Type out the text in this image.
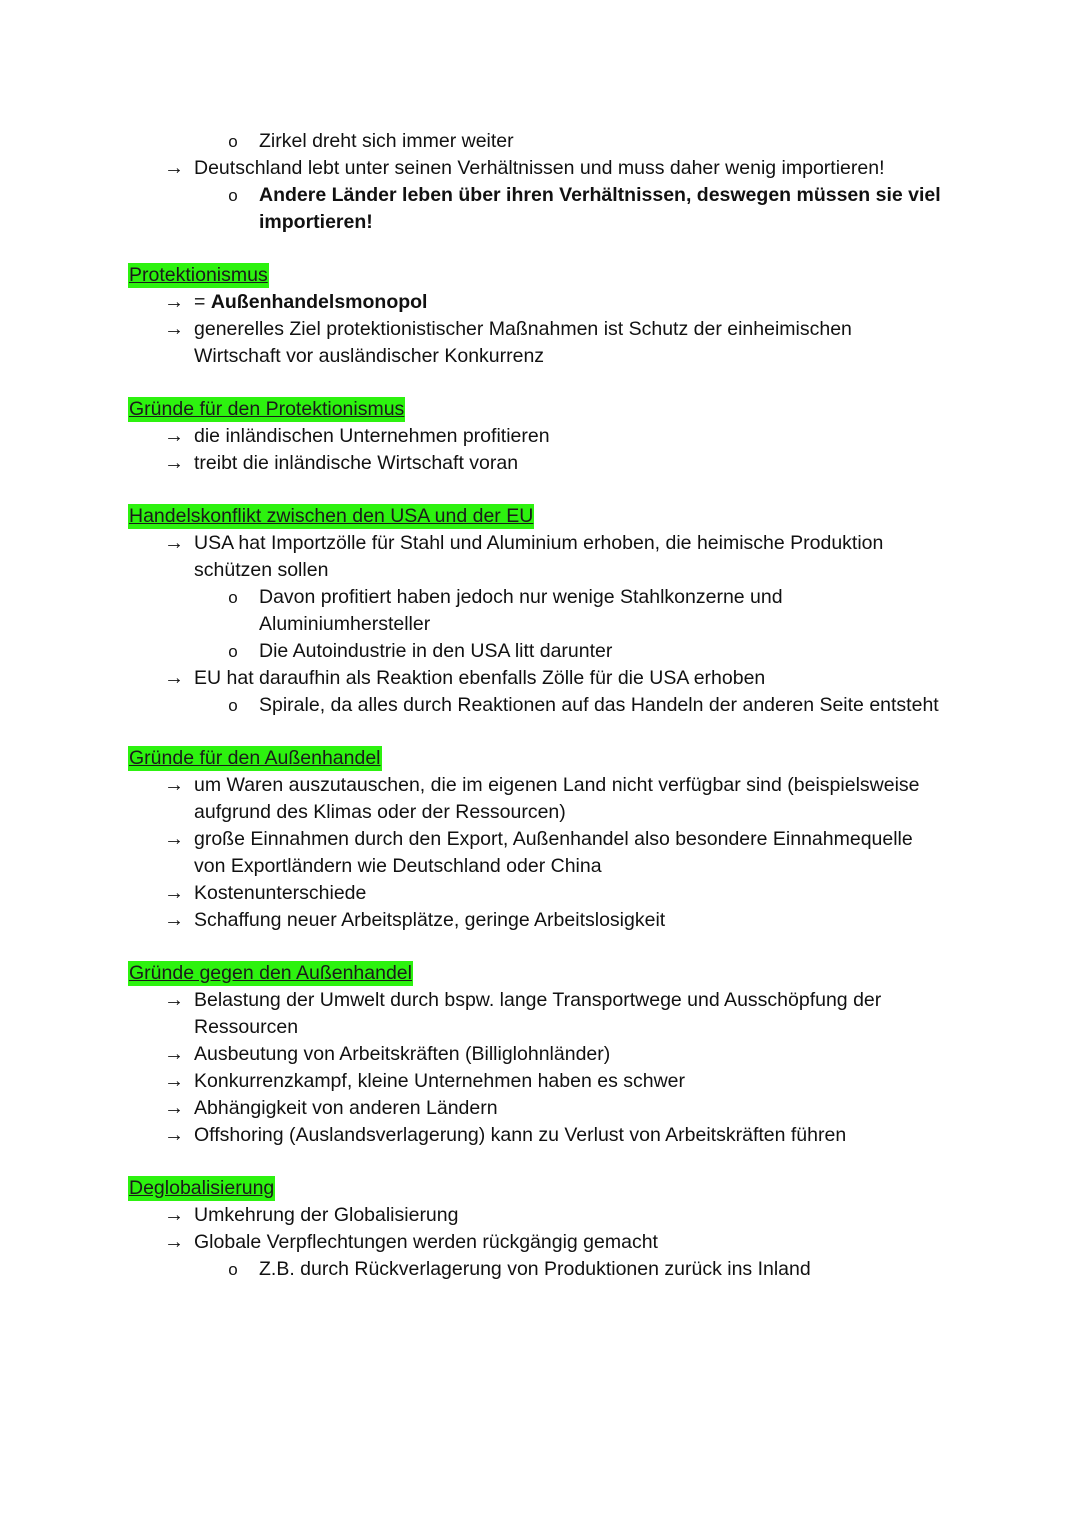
o Zirkel dreht sich immer weiter
→ Deutschland lebt unter seinen Verhältnissen und muss daher wenig importieren!
o Andere Länder leben über ihren Verhältnissen, deswegen müssen sie viel
importieren!
Protektionismus
→ = Außenhandelsmonopol
→ generelles Ziel protektionistischer Maßnahmen ist Schutz der einheimischen
Wirtschaft vor ausländischer Konkurrenz
Gründe für den Protektionismus
→ die inländischen Unternehmen profitieren
→ treibt die inländische Wirtschaft voran
Handelskonflikt zwischen den USA und der EU
→ USA hat Importzölle für Stahl und Aluminium erhoben, die heimische Produktion
schützen sollen
o Davon profitiert haben jedoch nur wenige Stahlkonzerne und
Aluminiumhersteller
o Die Autoindustrie in den USA litt darunter
→ EU hat daraufhin als Reaktion ebenfalls Zölle für die USA erhoben
o Spirale, da alles durch Reaktionen auf das Handeln der anderen Seite entsteht
Gründe für den Außenhandel
→ um Waren auszutauschen, die im eigenen Land nicht verfügbar sind (beispielsweise
aufgrund des Klimas oder der Ressourcen)
→ große Einnahmen durch den Export, Außenhandel also besondere Einnahmequelle
von Exportländern wie Deutschland oder China
→ Kostenunterschiede
→ Schaffung neuer Arbeitsplätze, geringe Arbeitslosigkeit
Gründe gegen den Außenhandel
→ Belastung der Umwelt durch bspw. lange Transportwege und Ausschöpfung der
Ressourcen
→ Ausbeutung von Arbeitskräften (Billiglohnländer)
→ Konkurrenzkampf, kleine Unternehmen haben es schwer
→ Abhängigkeit von anderen Ländern
→ Offshoring (Auslandsverlagerung) kann zu Verlust von Arbeitskräften führen
Deglobalisierung
→ Umkehrung der Globalisierung
→ Globale Verpflechtungen werden rückgängig gemacht
o Z.B. durch Rückverlagerung von Produktionen zurück ins Inland
